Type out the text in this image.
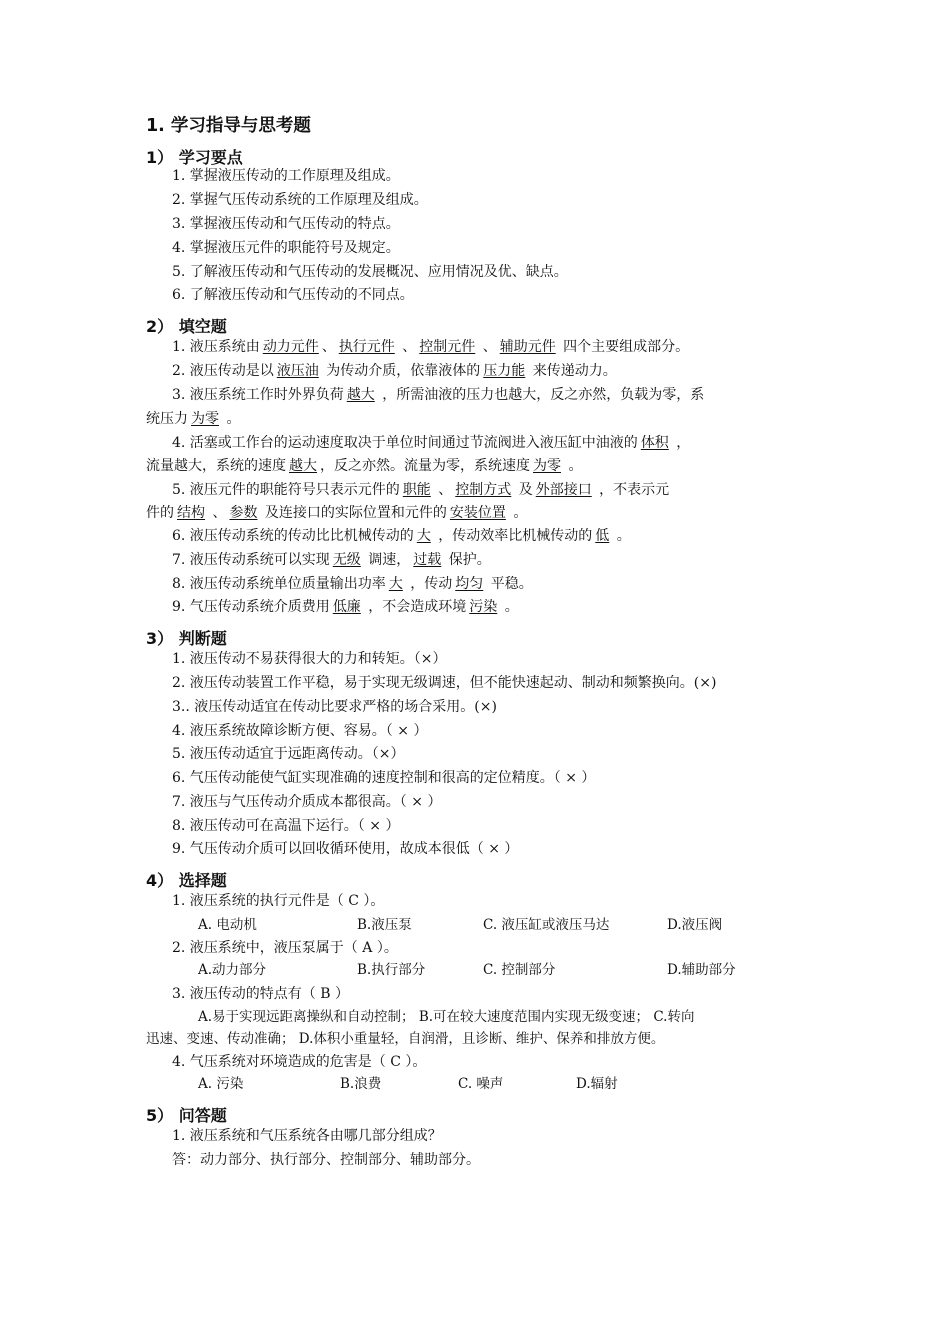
1. 学习指导与思考题
1） 学习要点
1. 掌握液压传动的工作原理及组成。
2. 掌握气压传动系统的工作原理及组成。
3. 掌握液压传动和气压传动的特点。
4. 掌握液压元件的职能符号及规定。
5. 了解液压传动和气压传动的发展概况、应用情况及优、缺点。
6. 了解液压传动和气压传动的不同点。
2） 填空题
1. 液压系统由 动力元件 、 执行元件 、 控制元件 、 辅助元件 四个主要组成部分。
2. 液压传动是以 液压油 为传动介质，依靠液体的 压力能 来传递动力。
3. 液压系统工作时外界负荷 越大 ，所需油液的压力也越大，反之亦然，负载为零，系
统压力 为零 。
4. 活塞或工作台的运动速度取决于单位时间通过节流阀进入液压缸中油液的 体积 ，
流量越大，系统的速度 越大 ，反之亦然。流量为零，系统速度 为零 。
5. 液压元件的职能符号只表示元件的 职能 、 控制方式 及 外部接口 ，不表示元
件的 结构 、 参数 及连接口的实际位置和元件的 安装位置 。
6. 液压传动系统的传动比比机械传动的 大 ，传动效率比机械传动的 低 。
7. 液压传动系统可以实现 无级 调速， 过载 保护。
8. 液压传动系统单位质量输出功率 大 ，传动 均匀 平稳。
9. 气压传动系统介质费用 低廉 ，不会造成环境 污染 。
3） 判断题
1. 液压传动不易获得很大的力和转矩。（×）
2. 液压传动装置工作平稳，易于实现无级调速，但不能快速起动、制动和频繁换向。(×)
3.. 液压传动适宜在传动比要求严格的场合采用。(×)
4. 液压系统故障诊断方便、容易。（ × ）
5. 液压传动适宜于远距离传动。（×）
6. 气压传动能使气缸实现准确的速度控制和很高的定位精度。（ × ）
7. 液压与气压传动介质成本都很高。（ × ）
8. 液压传动可在高温下运行。（ × ）
9. 气压传动介质可以回收循环使用，故成本很低（ × ）
4） 选择题
1. 液压系统的执行元件是（ C ）。
A. 电动机	B.液压泵	C. 液压缸或液压马达	D.液压阀
2. 液压系统中，液压泵属于（ A ）。
A.动力部分	B.执行部分	C. 控制部分	D.辅助部分
3. 液压传动的特点有（ B ）
A.易于实现远距离操纵和自动控制； B.可在较大速度范围内实现无级变速； C.转向
迅速、变速、传动准确； D.体积小重量轻，自润滑，且诊断、维护、保养和排放方便。
4. 气压系统对环境造成的危害是（ C ）。
A. 污染	B.浪费	C. 噪声	D.辐射
5） 问答题
1. 液压系统和气压系统各由哪几部分组成？
答：动力部分、执行部分、控制部分、辅助部分。
